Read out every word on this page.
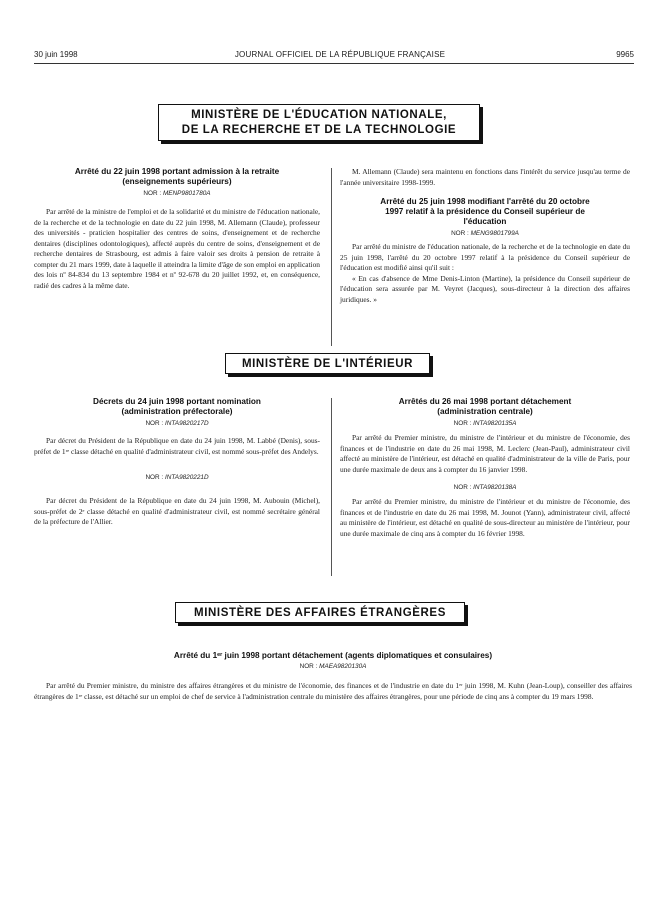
30 juin 1998	JOURNAL OFFICIEL DE LA RÉPUBLIQUE FRANÇAISE	9965
MINISTÈRE DE L'ÉDUCATION NATIONALE,
DE LA RECHERCHE ET DE LA TECHNOLOGIE
Arrêté du 22 juin 1998 portant admission à la retraite
(enseignements supérieurs)
NOR : MENP9801780A

Par arrêté de la ministre de l'emploi et de la solidarité et du ministre de l'éducation nationale, de la recherche et de la technologie en date du 22 juin 1998, M. Allemann (Claude), professeur des universités - praticien hospitalier des centres de soins, d'enseignement et de recherche dentaires (disciplines odontologiques), affecté auprès du centre de soins, d'enseignement et de recherche dentaires de Strasbourg, est admis à faire valoir ses droits à pension de retraite à compter du 21 mars 1999, date à laquelle il atteindra la limite d'âge de son emploi en application des lois nº 84-834 du 13 septembre 1984 et nº 92-678 du 20 juillet 1992, et, en conséquence, radié des cadres à la même date.

M. Allemann (Claude) sera maintenu en fonctions dans l'intérêt du service jusqu'au terme de l'année universitaire 1998-1999.

Arrêté du 25 juin 1998 modifiant l'arrêté du 20 octobre
1997 relatif à la présidence du Conseil supérieur de
l'éducation
NOR : MENG9801799A

Par arrêté du ministre de l'éducation nationale, de la recherche et de la technologie en date du 25 juin 1998, l'arrêté du 20 octobre 1997 relatif à la présidence du Conseil supérieur de l'éducation est modifié ainsi qu'il suit :

« En cas d'absence de Mme Denis-Linton (Martine), la présidence du Conseil supérieur de l'éducation sera assurée par M. Veyret (Jacques), sous-directeur à la direction des affaires juridiques. »

MINISTÈRE DE L'INTÉRIEUR
Décrets du 24 juin 1998 portant nomination
(administration préfectorale)
NOR : INTA9820217D

Par décret du Président de la République en date du 24 juin 1998, M. Labbé (Denis), sous-préfet de 1ʳᵉ classe détaché en qualité d'administrateur civil, est nommé sous-préfet des Andelys.

NOR : INTA9820221D

Par décret du Président de la République en date du 24 juin 1998, M. Aubouin (Michel), sous-préfet de 2ᵉ classe détaché en qualité d'administrateur civil, est nommé secrétaire général de la préfecture de l'Allier.

Arrêtés du 26 mai 1998 portant détachement
(administration centrale)
NOR : INTA9820135A

Par arrêté du Premier ministre, du ministre de l'intérieur et du ministre de l'économie, des finances et de l'industrie en date du 26 mai 1998, M. Leclerc (Jean-Paul), administrateur civil affecté au ministère de l'intérieur, est détaché en qualité d'administrateur de la ville de Paris, pour une durée maximale de deux ans à compter du 16 janvier 1998.

NOR : INTA9820138A

Par arrêté du Premier ministre, du ministre de l'intérieur et du ministre de l'économie, des finances et de l'industrie en date du 26 mai 1998, M. Jounot (Yann), administrateur civil, affecté au ministère de l'intérieur, est détaché en qualité de sous-directeur au ministère de l'intérieur, pour une durée maximale de cinq ans à compter du 16 février 1998.

MINISTÈRE DES AFFAIRES ÉTRANGÈRES
Arrêté du 1ᵉʳ juin 1998 portant détachement (agents diplomatiques et consulaires)
NOR : MAEA9820130A

Par arrêté du Premier ministre, du ministre des affaires étrangères et du ministre de l'économie, des finances et de l'industrie en date du 1ᵉʳ juin 1998, M. Kuhn (Jean-Loup), conseiller des affaires étrangères de 1ʳᵉ classe, est détaché sur un emploi de chef de service à l'administration centrale du ministère des affaires étrangères, pour une période de cinq ans à compter du 19 mars 1998.
